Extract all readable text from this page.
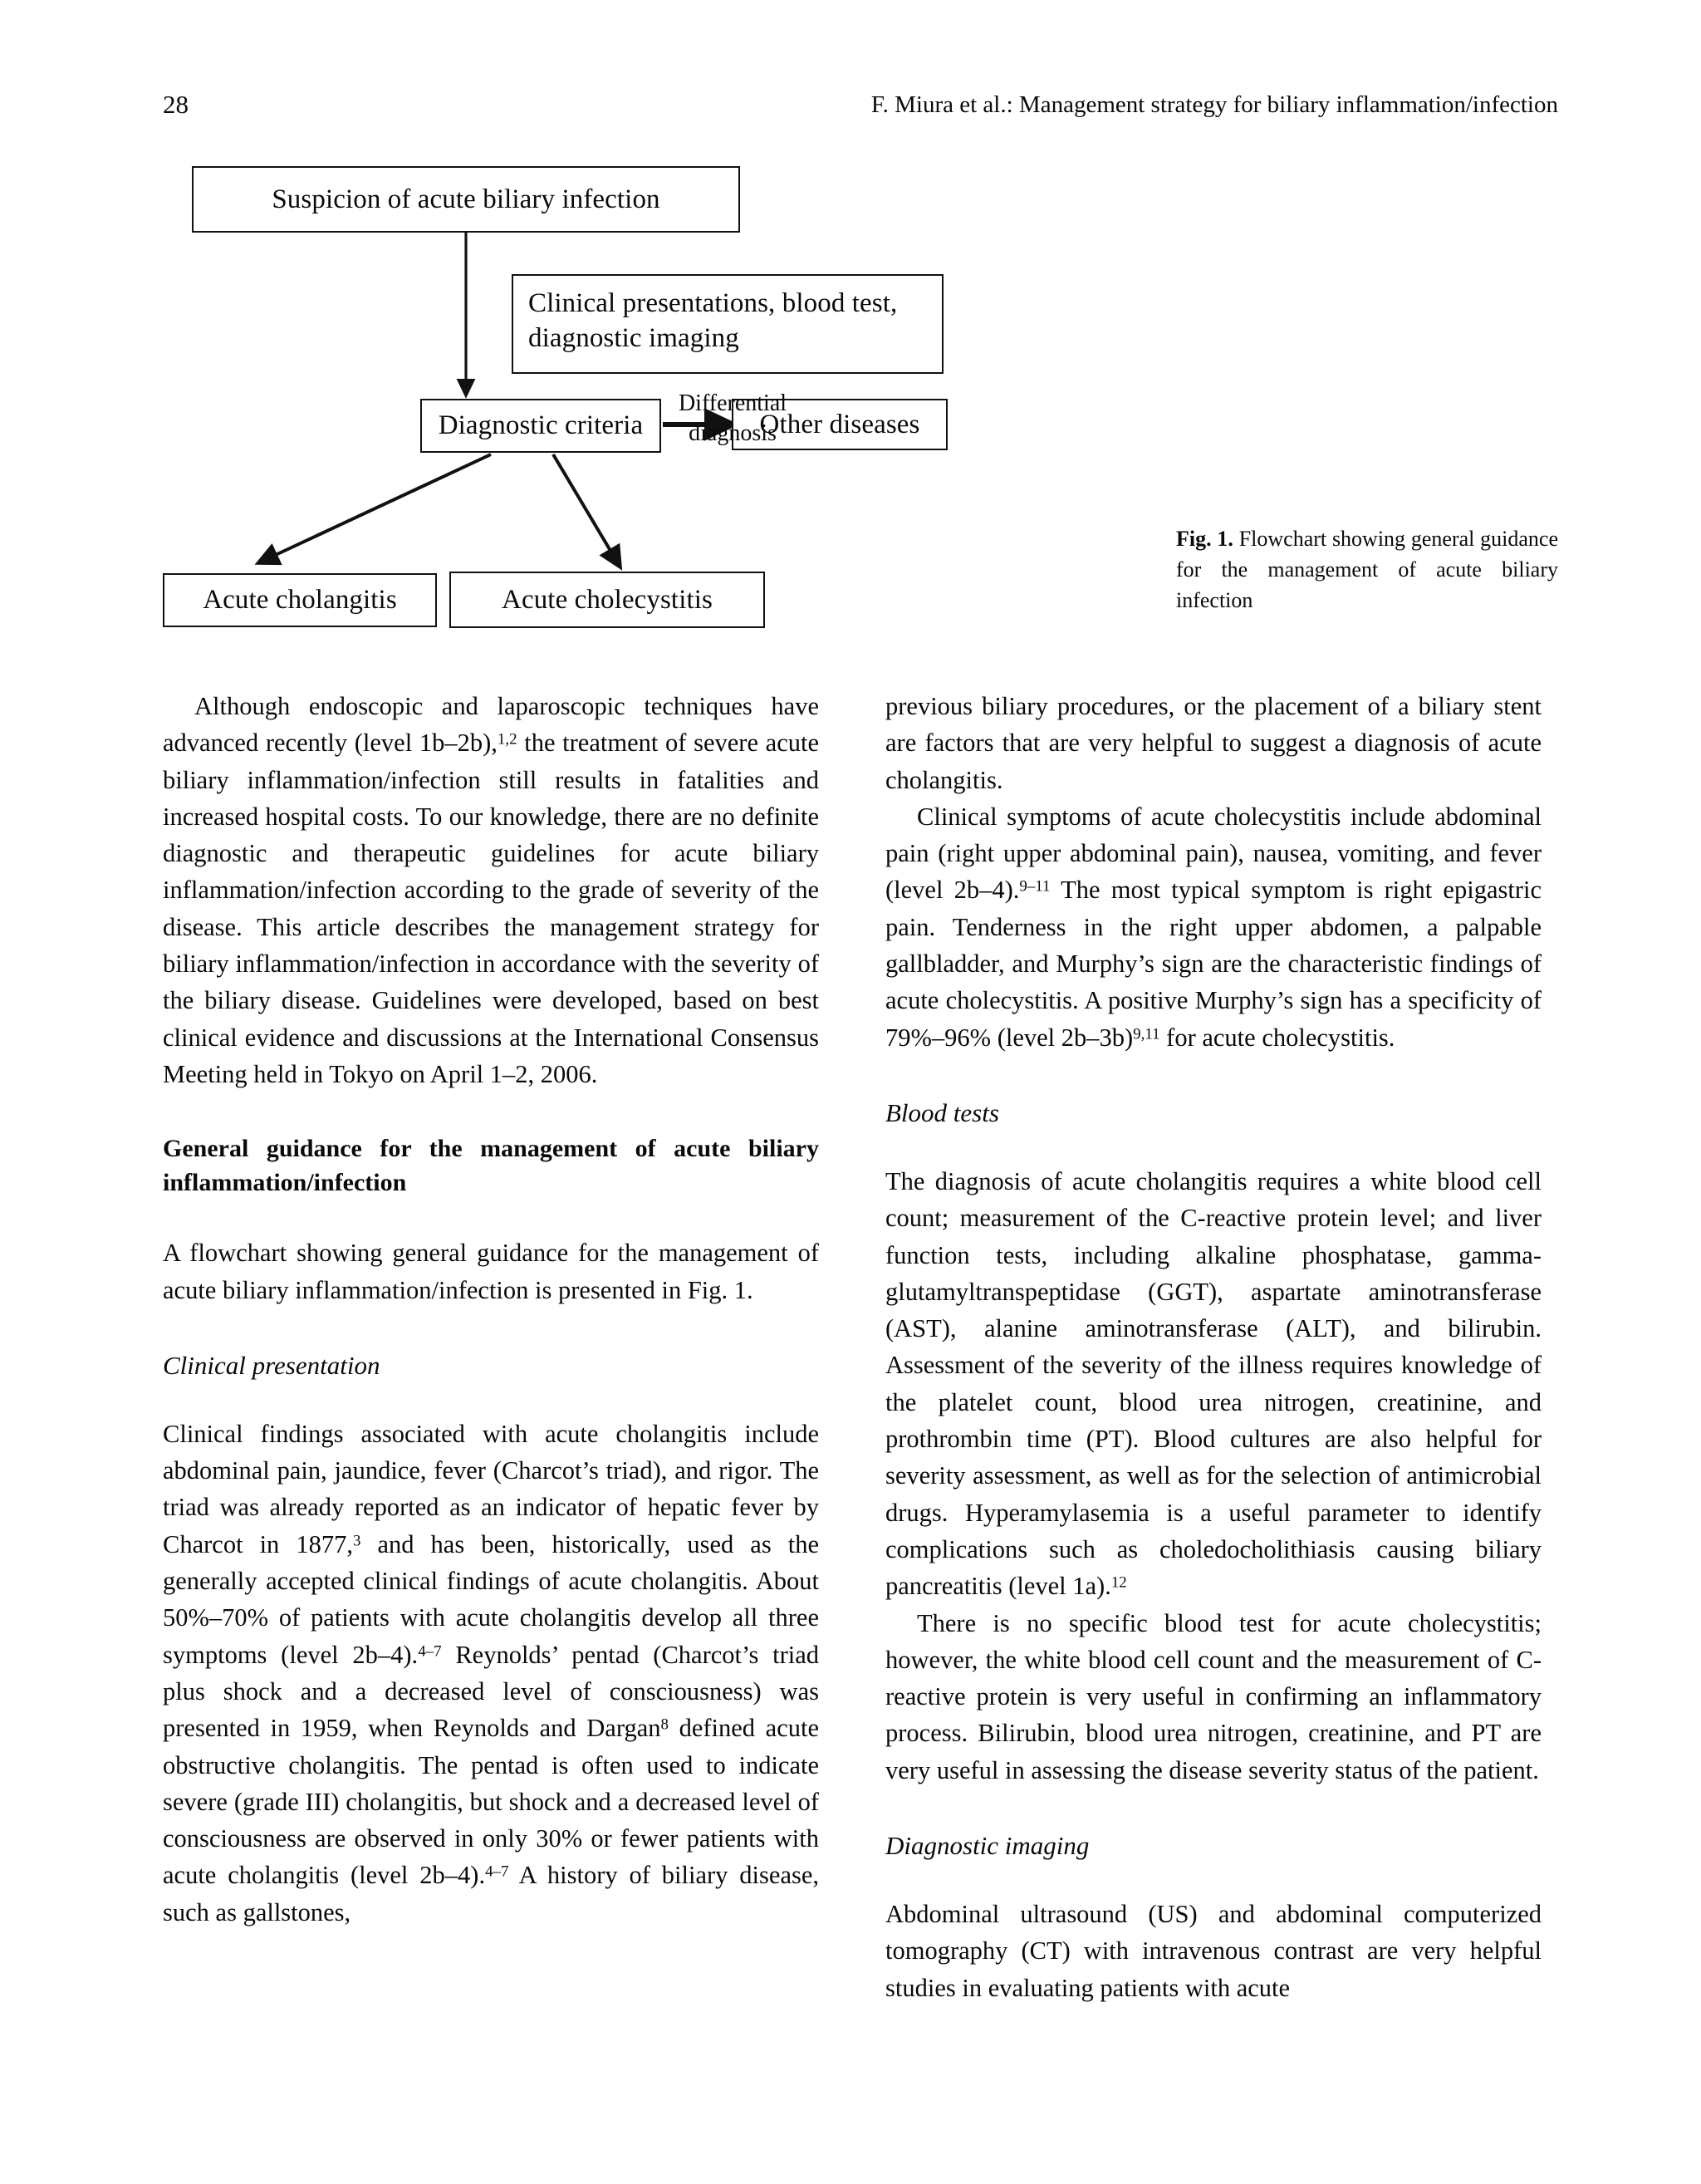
28	F. Miura et al.: Management strategy for biliary inflammation/infection
Suspicion of acute biliary infection
Clinical presentations, blood test, diagnostic imaging
Diagnostic criteria	Other diseases
Acute cholangitis	Acute cholecystitis
Differential
diagnosis
Fig. 1. Flowchart showing general guidance for the management of acute biliary infection

Although endoscopic and laparoscopic techniques have advanced recently (level 1b–2b),$^{1,2}$ the treatment of severe acute biliary inflammation/infection still results in fatalities and increased hospital costs. To our knowledge, there are no definite diagnostic and therapeutic guidelines for acute biliary inflammation/infection according to the grade of severity of the disease. This article describes the management strategy for biliary inflammation/infection in accordance with the severity of the biliary disease. Guidelines were developed, based on best clinical evidence and discussions at the International Consensus Meeting held in Tokyo on April 1–2, 2006.

General guidance for the management of acute biliary inflammation/infection

A flowchart showing general guidance for the management of acute biliary inflammation/infection is presented in Fig. 1.

Clinical presentation

Clinical findings associated with acute cholangitis include abdominal pain, jaundice, fever (Charcot’s triad), and rigor. The triad was already reported as an indicator of hepatic fever by Charcot in 1877,$^3$ and has been, historically, used as the generally accepted clinical findings of acute cholangitis. About 50%–70% of patients with acute cholangitis develop all three symptoms (level 2b–4).$^{4-7}$ Reynolds’ pentad (Charcot’s triad plus shock and a decreased level of consciousness) was presented in 1959, when Reynolds and Dargan$^8$ defined acute obstructive cholangitis. The pentad is often used to indicate severe (grade III) cholangitis, but shock and a decreased level of consciousness are observed in only 30% or fewer patients with acute cholangitis (level 2b–4).$^{4-7}$ A history of biliary disease, such as gallstones,

previous biliary procedures, or the placement of a biliary stent are factors that are very helpful to suggest a diagnosis of acute cholangitis.

Clinical symptoms of acute cholecystitis include abdominal pain (right upper abdominal pain), nausea, vomiting, and fever (level 2b–4).$^{9-11}$ The most typical symptom is right epigastric pain. Tenderness in the right upper abdomen, a palpable gallbladder, and Murphy’s sign are the characteristic findings of acute cholecystitis. A positive Murphy’s sign has a specificity of 79%–96% (level 2b–3b)$^{9,11}$ for acute cholecystitis.

Blood tests

The diagnosis of acute cholangitis requires a white blood cell count; measurement of the C-reactive protein level; and liver function tests, including alkaline phosphatase, gamma-glutamyltranspeptidase (GGT), aspartate aminotransferase (AST), alanine aminotransferase (ALT), and bilirubin. Assessment of the severity of the illness requires knowledge of the platelet count, blood urea nitrogen, creatinine, and prothrombin time (PT). Blood cultures are also helpful for severity assessment, as well as for the selection of antimicrobial drugs. Hyperamylasemia is a useful parameter to identify complications such as choledocholithiasis causing biliary pancreatitis (level 1a).$^{12}$

There is no specific blood test for acute cholecystitis; however, the white blood cell count and the measurement of C-reactive protein is very useful in confirming an inflammatory process. Bilirubin, blood urea nitrogen, creatinine, and PT are very useful in assessing the disease severity status of the patient.

Diagnostic imaging

Abdominal ultrasound (US) and abdominal computerized tomography (CT) with intravenous contrast are very helpful studies in evaluating patients with acute
